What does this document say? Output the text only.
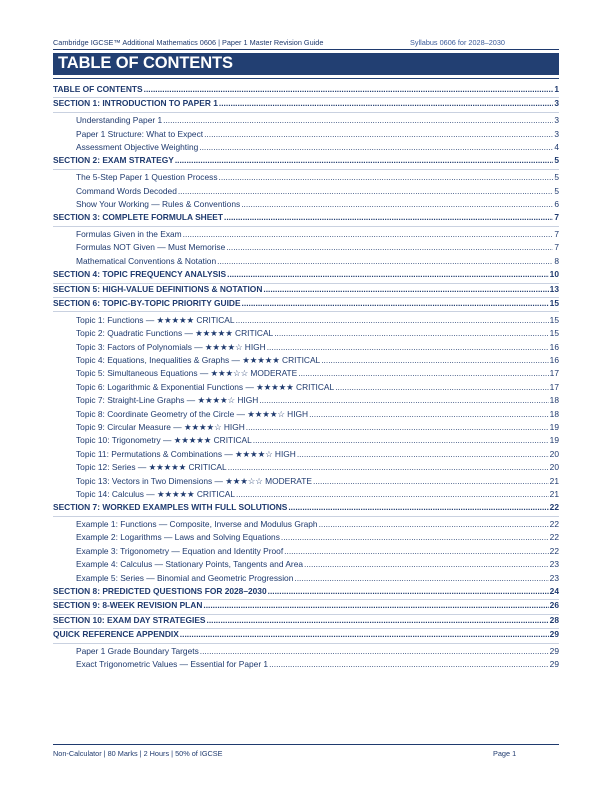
Cambridge IGCSE™ Additional Mathematics 0606 | Paper 1 Master Revision Guide	Syllabus 0606 for 2028–2030
TABLE OF CONTENTS
TABLE OF CONTENTS .....	1
SECTION 1: INTRODUCTION TO PAPER 1 .....	3
Understanding Paper 1 .....	3
Paper 1 Structure: What to Expect .....	3
Assessment Objective Weighting .....	4
SECTION 2: EXAM STRATEGY .....	5
The 5-Step Paper 1 Question Process .....	5
Command Words Decoded .....	5
Show Your Working — Rules & Conventions .....	6
SECTION 3: COMPLETE FORMULA SHEET .....	7
Formulas Given in the Exam .....	7
Formulas NOT Given — Must Memorise .....	7
Mathematical Conventions & Notation .....	8
SECTION 4: TOPIC FREQUENCY ANALYSIS .....	10
SECTION 5: HIGH-VALUE DEFINITIONS & NOTATION .....	13
SECTION 6: TOPIC-BY-TOPIC PRIORITY GUIDE .....	15
Topic 1: Functions — ★★★★★ CRITICAL .....	15
Topic 2: Quadratic Functions — ★★★★★ CRITICAL .....	15
Topic 3: Factors of Polynomials — ★★★★☆ HIGH .....	16
Topic 4: Equations, Inequalities & Graphs — ★★★★★ CRITICAL .....	16
Topic 5: Simultaneous Equations — ★★★☆☆ MODERATE .....	17
Topic 6: Logarithmic & Exponential Functions — ★★★★★ CRITICAL .....	17
Topic 7: Straight-Line Graphs — ★★★★☆ HIGH .....	18
Topic 8: Coordinate Geometry of the Circle — ★★★★☆ HIGH .....	18
Topic 9: Circular Measure — ★★★★☆ HIGH .....	19
Topic 10: Trigonometry — ★★★★★ CRITICAL .....	19
Topic 11: Permutations & Combinations — ★★★★☆ HIGH .....	20
Topic 12: Series — ★★★★★ CRITICAL .....	20
Topic 13: Vectors in Two Dimensions — ★★★☆☆ MODERATE .....	21
Topic 14: Calculus — ★★★★★ CRITICAL .....	21
SECTION 7: WORKED EXAMPLES WITH FULL SOLUTIONS .....	22
Example 1: Functions — Composite, Inverse and Modulus Graph .....	22
Example 2: Logarithms — Laws and Solving Equations .....	22
Example 3: Trigonometry — Equation and Identity Proof .....	22
Example 4: Calculus — Stationary Points, Tangents and Area .....	23
Example 5: Series — Binomial and Geometric Progression .....	23
SECTION 8: PREDICTED QUESTIONS FOR 2028–2030 .....	24
SECTION 9: 8-WEEK REVISION PLAN .....	26
SECTION 10: EXAM DAY STRATEGIES .....	28
QUICK REFERENCE APPENDIX .....	29
Paper 1 Grade Boundary Targets .....	29
Exact Trigonometric Values — Essential for Paper 1 .....	29
Non-Calculator | 80 Marks | 2 Hours | 50% of IGCSE	Page 1
